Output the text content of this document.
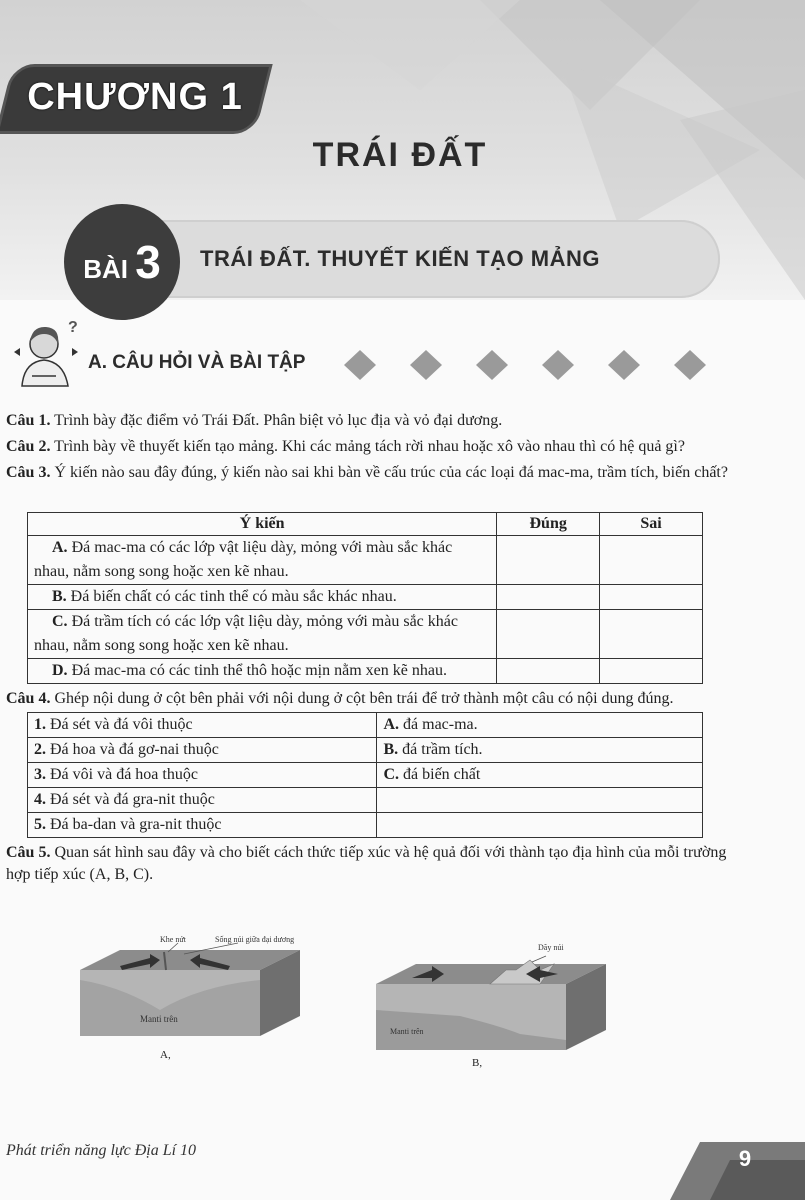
CHƯƠNG 1
TRÁI ĐẤT
BÀI 3	TRÁI ĐẤT. THUYẾT KIẾN TẠO MẢNG
?
A. CÂU HỎI VÀ BÀI TẬP
Câu 1. Trình bày đặc điểm vỏ Trái Đất. Phân biệt vỏ lục địa và vỏ đại dương.
Câu 2. Trình bày về thuyết kiến tạo mảng. Khi các mảng tách rời nhau hoặc xô vào nhau thì có hệ quả gì?
Câu 3. Ý kiến nào sau đây đúng, ý kiến nào sai khi bàn về cấu trúc của các loại đá mac-ma, trầm tích, biến chất?
Ý kiến	Đúng	Sai
A. Đá mac-ma có các lớp vật liệu dày, mỏng với màu sắc khác nhau, nằm song song hoặc xen kẽ nhau.		
B. Đá biến chất có các tinh thể có màu sắc khác nhau.		
C. Đá trầm tích có các lớp vật liệu dày, mỏng với màu sắc khác nhau, nằm song song hoặc xen kẽ nhau.		
D. Đá mac-ma có các tinh thể thô hoặc mịn nằm xen kẽ nhau.		
Câu 4. Ghép nội dung ở cột bên phải với nội dung ở cột bên trái để trở thành một câu có nội dung đúng.
1. Đá sét và đá vôi thuộc	A. đá mac-ma.
2. Đá hoa và đá gơ-nai thuộc	B. đá trầm tích.
3. Đá vôi và đá hoa thuộc	C. đá biến chất
4. Đá sét và đá gra-nit thuộc	
5. Đá ba-dan và gra-nit thuộc	
Câu 5. Quan sát hình sau đây và cho biết cách thức tiếp xúc và hệ quả đối với thành tạo địa hình của mỗi trường hợp tiếp xúc (A, B, C).
Khe nứt	Sống núi giữa đại dương
Manti trên
A,
Dãy núi
Manti trên
B,
Phát triển năng lực Địa Lí 10	9
